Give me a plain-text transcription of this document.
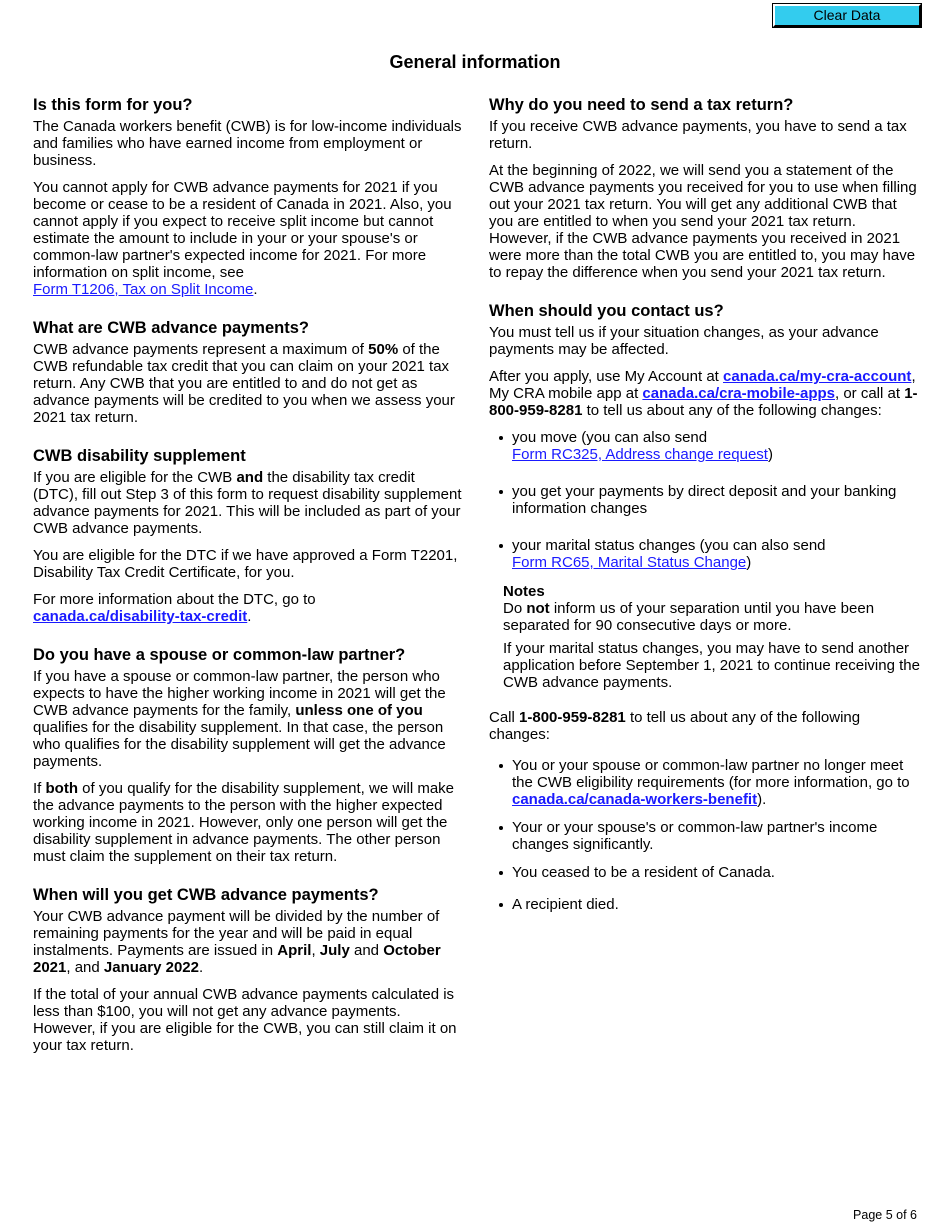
Clear Data
General information
Is this form for you?

The Canada workers benefit (CWB) is for low-income individuals and families who have earned income from employment or business.

You cannot apply for CWB advance payments for 2021 if you become or cease to be a resident of Canada in 2021. Also, you cannot apply if you expect to receive split income but cannot estimate the amount to include in your or your spouse's or common-law partner's expected income for 2021. For more information on split income, see
Form T1206, Tax on Split Income.

What are CWB advance payments?

CWB advance payments represent a maximum of 50% of the CWB refundable tax credit that you can claim on your 2021 tax return. Any CWB that you are entitled to and do not get as advance payments will be credited to you when we assess your 2021 tax return.

CWB disability supplement

If you are eligible for the CWB and the disability tax credit (DTC), fill out Step 3 of this form to request disability supplement advance payments for 2021. This will be included as part of your CWB advance payments.

You are eligible for the DTC if we have approved a Form T2201, Disability Tax Credit Certificate, for you.

For more information about the DTC, go to canada.ca/disability-tax-credit.

Do you have a spouse or common-law partner?

If you have a spouse or common-law partner, the person who expects to have the higher working income in 2021 will get the CWB advance payments for the family, unless one of you qualifies for the disability supplement. In that case, the person who qualifies for the disability supplement will get the advance payments.

If both of you qualify for the disability supplement, we will make the advance payments to the person with the higher expected working income in 2021. However, only one person will get the disability supplement in advance payments. The other person must claim the supplement on their tax return.

When will you get CWB advance payments?

Your CWB advance payment will be divided by the number of remaining payments for the year and will be paid in equal instalments. Payments are issued in April, July and October 2021, and January 2022.

If the total of your annual CWB advance payments calculated is less than $100, you will not get any advance payments. However, if you are eligible for the CWB, you can still claim it on your tax return.

Why do you need to send a tax return?

If you receive CWB advance payments, you have to send a tax return.

At the beginning of 2022, we will send you a statement of the CWB advance payments you received for you to use when filling out your 2021 tax return. You will get any additional CWB that you are entitled to when you send your 2021 tax return. However, if the CWB advance payments you received in 2021 were more than the total CWB you are entitled to, you may have to repay the difference when you send your 2021 tax return.

When should you contact us?

You must tell us if your situation changes, as your advance payments may be affected.

After you apply, use My Account at canada.ca/my-cra-account, My CRA mobile app at canada.ca/cra-mobile-apps, or call at 1-800-959-8281 to tell us about any of the following changes:

you move (you can also send
Form RC325, Address change request)
you get your payments by direct deposit and your banking information changes
your marital status changes (you can also send
Form RC65, Marital Status Change)
Notes

Do not inform us of your separation until you have been separated for 90 consecutive days or more.

If your marital status changes, you may have to send another application before September 1, 2021 to continue receiving the CWB advance payments.

Call 1-800-959-8281 to tell us about any of the following changes:

You or your spouse or common-law partner no longer meet the CWB eligibility requirements (for more information, go to canada.ca/canada-workers-benefit).
Your or your spouse's or common-law partner's income changes significantly.
You ceased to be a resident of Canada.
A recipient died.
Page 5 of 6
